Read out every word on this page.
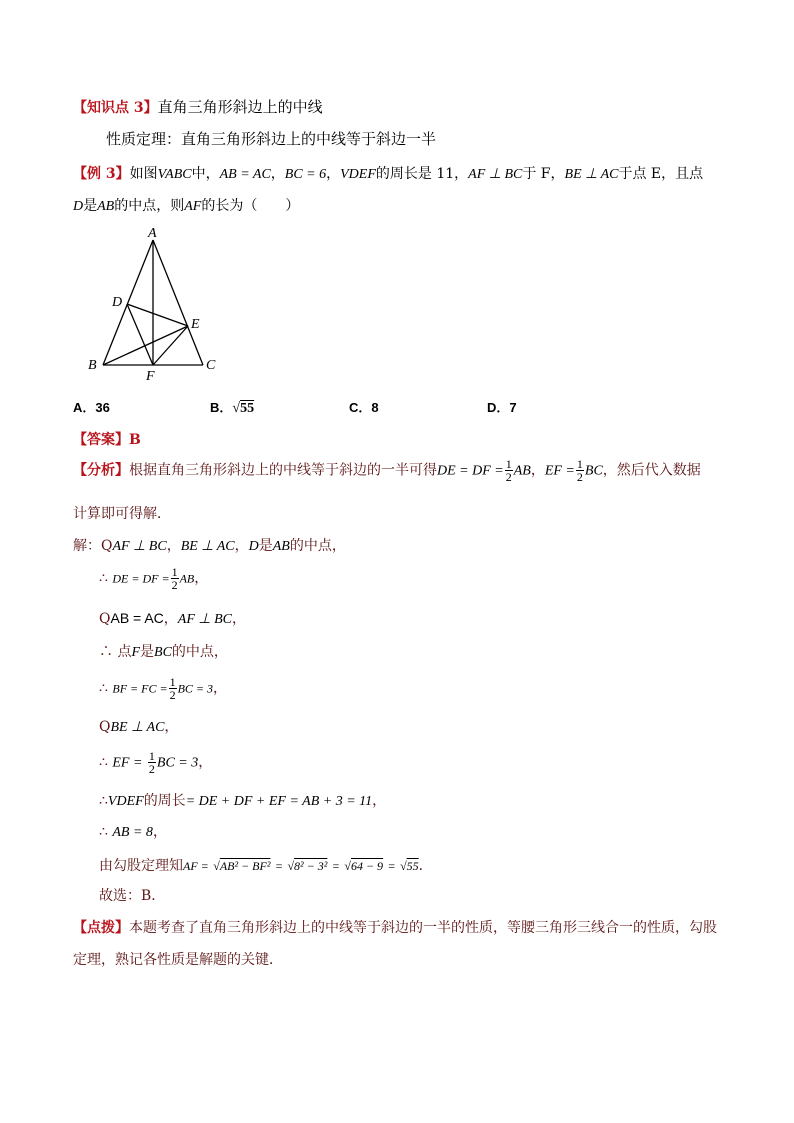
【知识点 3】直角三角形斜边上的中线
性质定理：直角三角形斜边上的中线等于斜边一半
【例 3】如图VABC中，AB = AC，BC = 6，VDEF的周长是 11，AF ⊥ BC于 F，BE ⊥ AC于点 E，且点
D是AB的中点，则AF的长为（　　）
A
B	C
D
E
F
A．36	B．√55	C．8	D．7
【答案】B
【分析】根据直角三角形斜边上的中线等于斜边的一半可得DE = DF = $\frac{1}{2}$ AB，EF = $\frac{1}{2}$ BC，然后代入数据
计算即可得解．
解：QAF ⊥ BC，BE ⊥ AC，D是AB的中点，
∴ DE = DF = $\frac{1}{2}$ AB，
QAB = AC，AF ⊥ BC，
∴ 点F是BC的中点，
∴ BF = FC = $\frac{1}{2}$ BC = 3，
QBE ⊥ AC，
∴ EF = $\frac{1}{2}$ BC = 3，
∴VDEF的周长= DE + DF + EF = AB + 3 = 11，
∴ AB = 8，
由勾股定理知AF = √AB² − BF² = √8² − 3² = √64 − 9 = √55．
故选：B．
【点拨】本题考查了直角三角形斜边上的中线等于斜边的一半的性质，等腰三角形三线合一的性质，勾股
定理，熟记各性质是解题的关键．
